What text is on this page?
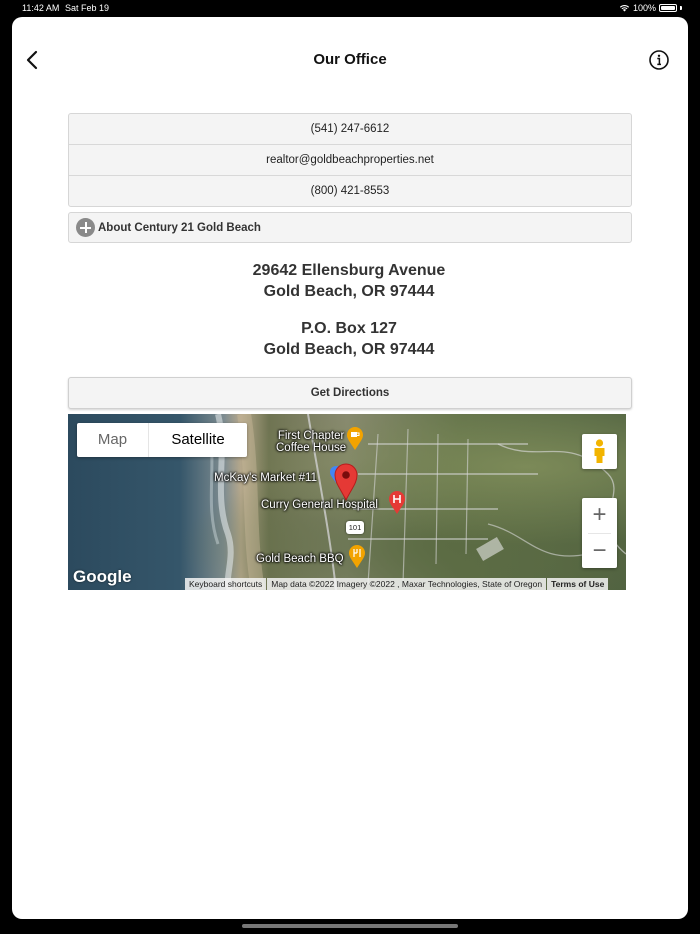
11:42 AM Sat Feb 19	100%
Our Office
(541) 247-6612
realtor@goldbeachproperties.net
(800) 421-8553
About Century 21 Gold Beach
29642 Ellensburg Avenue
Gold Beach, OR 97444
P.O. Box 127
Gold Beach, OR 97444
Get Directions
Map	Satellite
+
−
First Chapter
Coffee House
McKay's Market #11
Curry General Hospital
101
Gold Beach BBQ
Google	Keyboard shortcuts	Map data ©2022 Imagery ©2022 , Maxar Technologies, State of Oregon	Terms of Use
